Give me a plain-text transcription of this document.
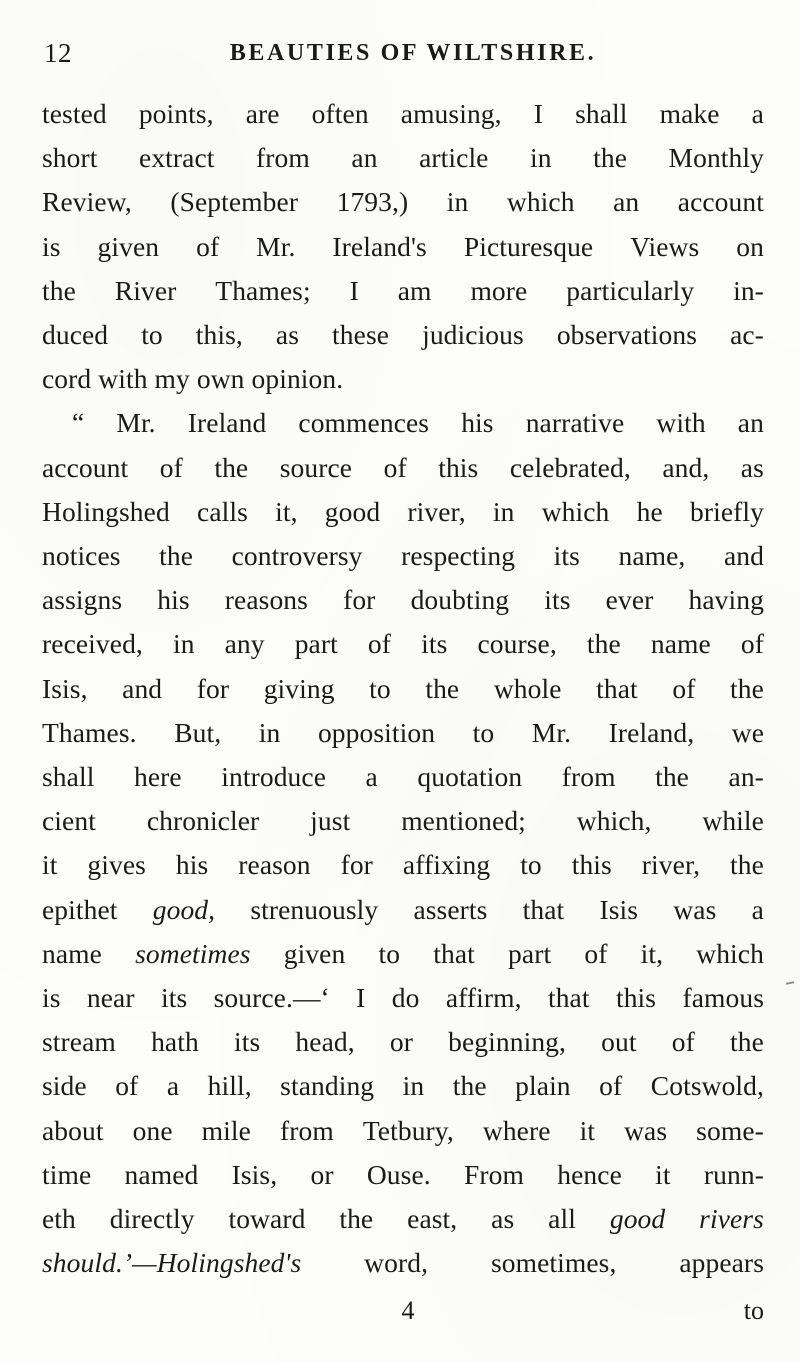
12	BEAUTIES OF WILTSHIRE.
tested points, are often amusing, I shall make a
short extract from an article in the Monthly
Review, (September 1793,) in which an account
is given of Mr. Ireland's Picturesque Views on
the River Thames; I am more particularly in-
duced to this, as these judicious observations ac-
cord with my own opinion.
“ Mr. Ireland commences his narrative with an
account of the source of this celebrated, and, as
Holingshed calls it, good river, in which he briefly
notices the controversy respecting its name, and
assigns his reasons for doubting its ever having
received, in any part of its course, the name of
Isis, and for giving to the whole that of the
Thames. But, in opposition to Mr. Ireland, we
shall here introduce a quotation from the an-
cient chronicler just mentioned; which, while
it gives his reason for affixing to this river, the
epithet good, strenuously asserts that Isis was a
name sometimes given to that part of it, which
is near its source.—‘ I do affirm, that this famous
stream hath its head, or beginning, out of the
side of a hill, standing in the plain of Cotswold,
about one mile from Tetbury, where it was some-
time named Isis, or Ouse. From hence it runn-
eth directly toward the east, as all good rivers
should.’—Holingshed's word, sometimes, appears
4	to
